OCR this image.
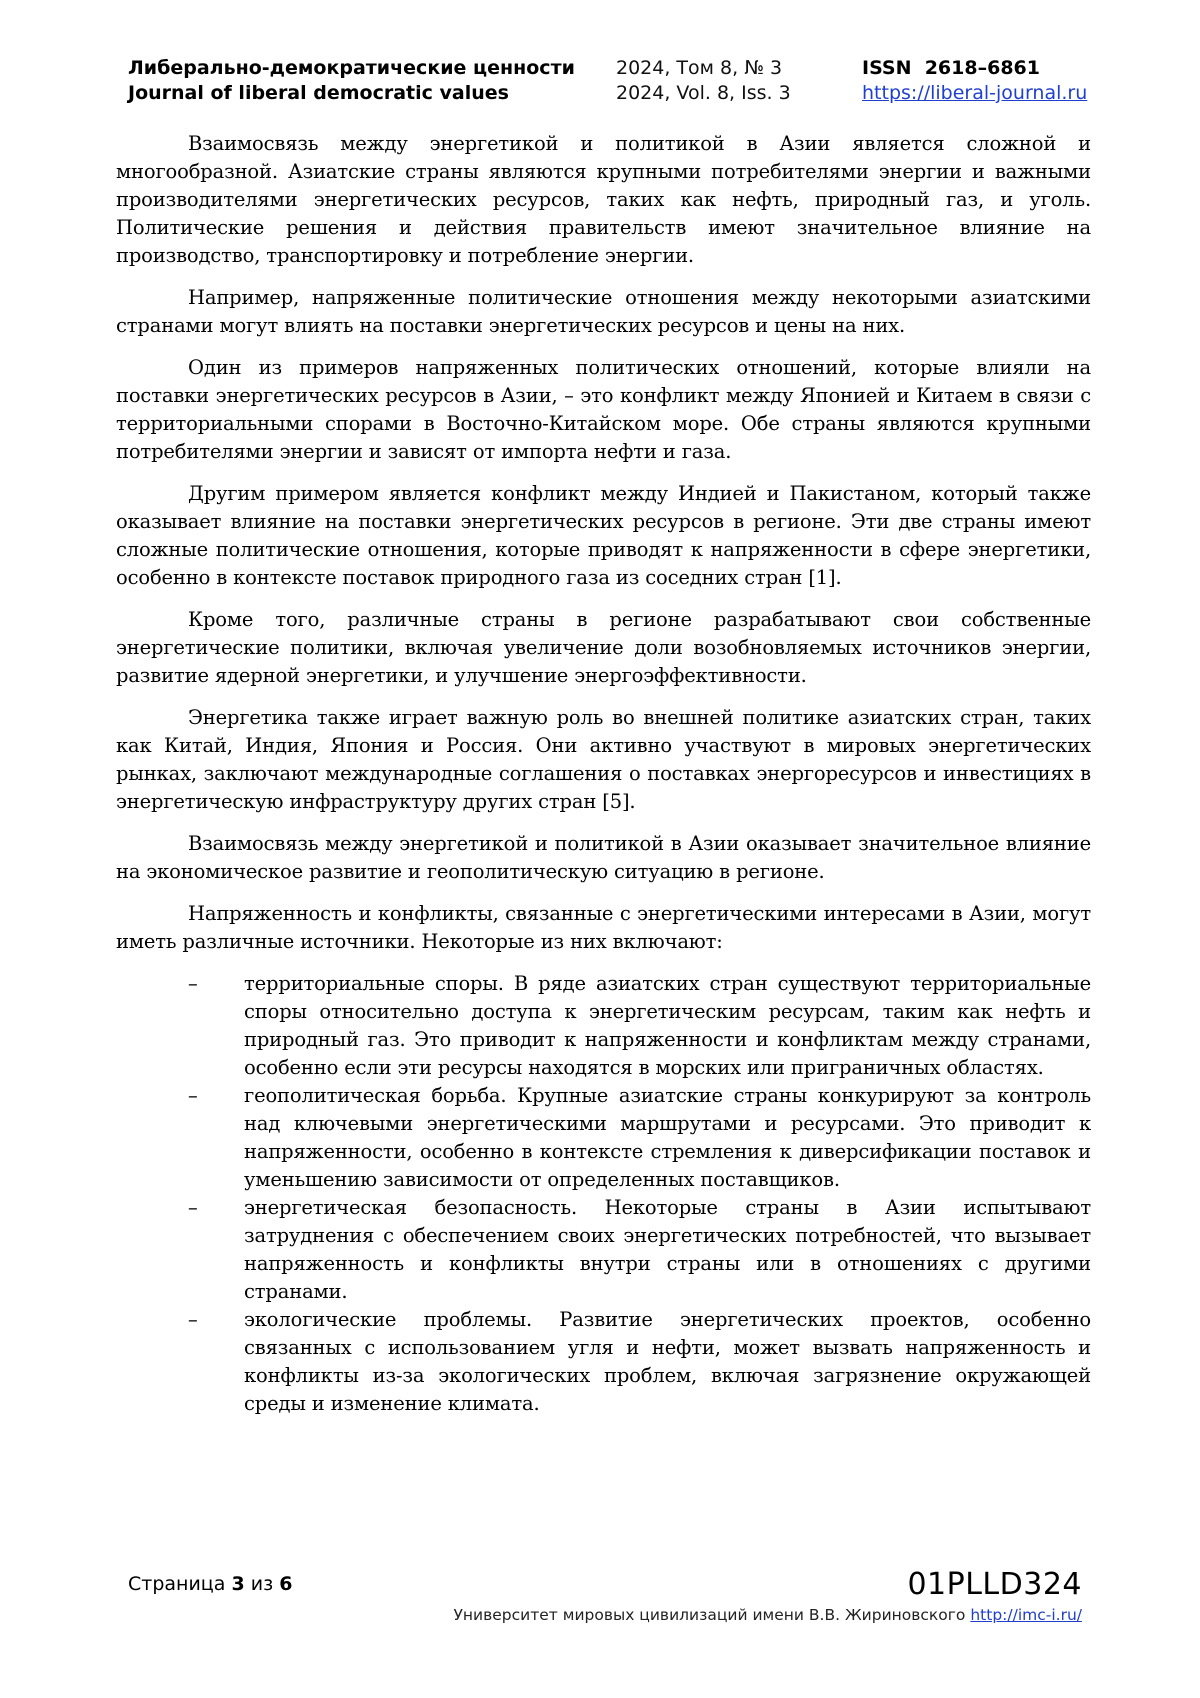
Либерально-демократические ценности
Journal of liberal democratic values
2024, Том 8, № 3
2024, Vol. 8, Iss. 3
ISSN  2618–6861
https://liberal-journal.ru

Взаимосвязь между энергетикой и политикой в Азии является сложной и многообразной. Азиатские страны являются крупными потребителями энергии и важными производителями энергетических ресурсов, таких как нефть, природный газ, и уголь. Политические решения и действия правительств имеют значительное влияние на производство, транспортировку и потребление энергии.

Например, напряженные политические отношения между некоторыми азиатскими странами могут влиять на поставки энергетических ресурсов и цены на них.

Один из примеров напряженных политических отношений, которые влияли на поставки энергетических ресурсов в Азии, – это конфликт между Японией и Китаем в связи с территориальными спорами в Восточно-Китайском море. Обе страны являются крупными потребителями энергии и зависят от импорта нефти и газа.

Другим примером является конфликт между Индией и Пакистаном, который также оказывает влияние на поставки энергетических ресурсов в регионе. Эти две страны имеют сложные политические отношения, которые приводят к напряженности в сфере энергетики, особенно в контексте поставок природного газа из соседних стран [1].

Кроме того, различные страны в регионе разрабатывают свои собственные энергетические политики, включая увеличение доли возобновляемых источников энергии, развитие ядерной энергетики, и улучшение энергоэффективности.

Энергетика также играет важную роль во внешней политике азиатских стран, таких как Китай, Индия, Япония и Россия. Они активно участвуют в мировых энергетических рынках, заключают международные соглашения о поставках энергоресурсов и инвестициях в энергетическую инфраструктуру других стран [5].

Взаимосвязь между энергетикой и политикой в Азии оказывает значительное влияние на экономическое развитие и геополитическую ситуацию в регионе.

Напряженность и конфликты, связанные с энергетическими интересами в Азии, могут иметь различные источники. Некоторые из них включают:

– территориальные споры. В ряде азиатских стран существуют территориальные споры относительно доступа к энергетическим ресурсам, таким как нефть и природный газ. Это приводит к напряженности и конфликтам между странами, особенно если эти ресурсы находятся в морских или приграничных областях.
– геополитическая борьба. Крупные азиатские страны конкурируют за контроль над ключевыми энергетическими маршрутами и ресурсами. Это приводит к напряженности, особенно в контексте стремления к диверсификации поставок и уменьшению зависимости от определенных поставщиков.
– энергетическая безопасность. Некоторые страны в Азии испытывают затруднения с обеспечением своих энергетических потребностей, что вызывает напряженность и конфликты внутри страны или в отношениях с другими странами.
– экологические проблемы. Развитие энергетических проектов, особенно связанных с использованием угля и нефти, может вызвать напряженность и конфликты из-за экологических проблем, включая загрязнение окружающей среды и изменение климата.
Страница 3 из 6	01PLLD324
Университет мировых цивилизаций имени В.В. Жириновского http://imc-i.ru/
